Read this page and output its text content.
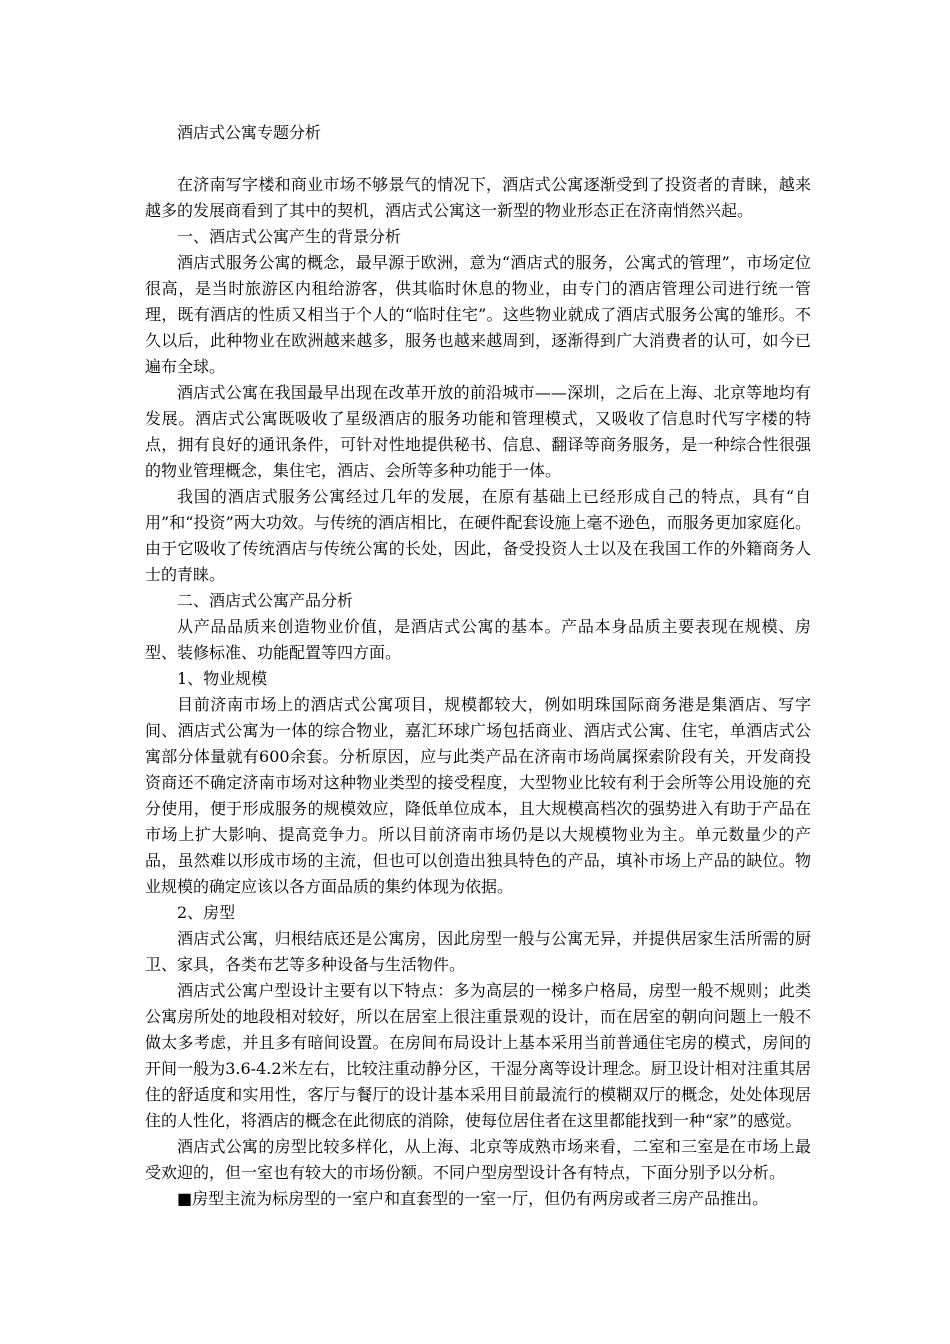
酒店式公寓专题分析

在济南写字楼和商业市场不够景气的情况下，酒店式公寓逐渐受到了投资者的青睐，越来越多的发展商看到了其中的契机，酒店式公寓这一新型的物业形态正在济南悄然兴起。

一、酒店式公寓产生的背景分析

酒店式服务公寓的概念，最早源于欧洲，意为“酒店式的服务，公寓式的管理”，市场定位很高，是当时旅游区内租给游客，供其临时休息的物业，由专门的酒店管理公司进行统一管理，既有酒店的性质又相当于个人的“临时住宅”。这些物业就成了酒店式服务公寓的雏形。不久以后，此种物业在欧洲越来越多，服务也越来越周到，逐渐得到广大消费者的认可，如今已遍布全球。

酒店式公寓在我国最早出现在改革开放的前沿城市——深圳，之后在上海、北京等地均有发展。酒店式公寓既吸收了星级酒店的服务功能和管理模式，又吸收了信息时代写字楼的特点，拥有良好的通讯条件，可针对性地提供秘书、信息、翻译等商务服务，是一种综合性很强的物业管理概念，集住宅，酒店、会所等多种功能于一体。

我国的酒店式服务公寓经过几年的发展，在原有基础上已经形成自己的特点，具有“自用”和“投资”两大功效。与传统的酒店相比，在硬件配套设施上毫不逊色，而服务更加家庭化。由于它吸收了传统酒店与传统公寓的长处，因此，备受投资人士以及在我国工作的外籍商务人士的青睐。

二、酒店式公寓产品分析

从产品品质来创造物业价值，是酒店式公寓的基本。产品本身品质主要表现在规模、房型、装修标准、功能配置等四方面。

1、物业规模

目前济南市场上的酒店式公寓项目，规模都较大，例如明珠国际商务港是集酒店、写字间、酒店式公寓为一体的综合物业，嘉汇环球广场包括商业、酒店式公寓、住宅，单酒店式公寓部分体量就有600余套。分析原因，应与此类产品在济南市场尚属探索阶段有关，开发商投资商还不确定济南市场对这种物业类型的接受程度，大型物业比较有利于会所等公用设施的充分使用，便于形成服务的规模效应，降低单位成本，且大规模高档次的强势进入有助于产品在市场上扩大影响、提高竞争力。所以目前济南市场仍是以大规模物业为主。单元数量少的产品，虽然难以形成市场的主流，但也可以创造出独具特色的产品，填补市场上产品的缺位。物业规模的确定应该以各方面品质的集约体现为依据。

2、房型

酒店式公寓，归根结底还是公寓房，因此房型一般与公寓无异，并提供居家生活所需的厨卫、家具，各类布艺等多种设备与生活物件。

酒店式公寓户型设计主要有以下特点：多为高层的一梯多户格局，房型一般不规则；此类公寓房所处的地段相对较好，所以在居室上很注重景观的设计，而在居室的朝向问题上一般不做太多考虑，并且多有暗间设置。在房间布局设计上基本采用当前普通住宅房的模式，房间的开间一般为3.6-4.2米左右，比较注重动静分区，干湿分离等设计理念。厨卫设计相对注重其居住的舒适度和实用性，客厅与餐厅的设计基本采用目前最流行的模糊双厅的概念，处处体现居住的人性化，将酒店的概念在此彻底的消除，使每位居住者在这里都能找到一种“家”的感觉。

酒店式公寓的房型比较多样化，从上海、北京等成熟市场来看，二室和三室是在市场上最受欢迎的，但一室也有较大的市场份额。不同户型房型设计各有特点，下面分别予以分析。

■房型主流为标房型的一室户和直套型的一室一厅，但仍有两房或者三房产品推出。
